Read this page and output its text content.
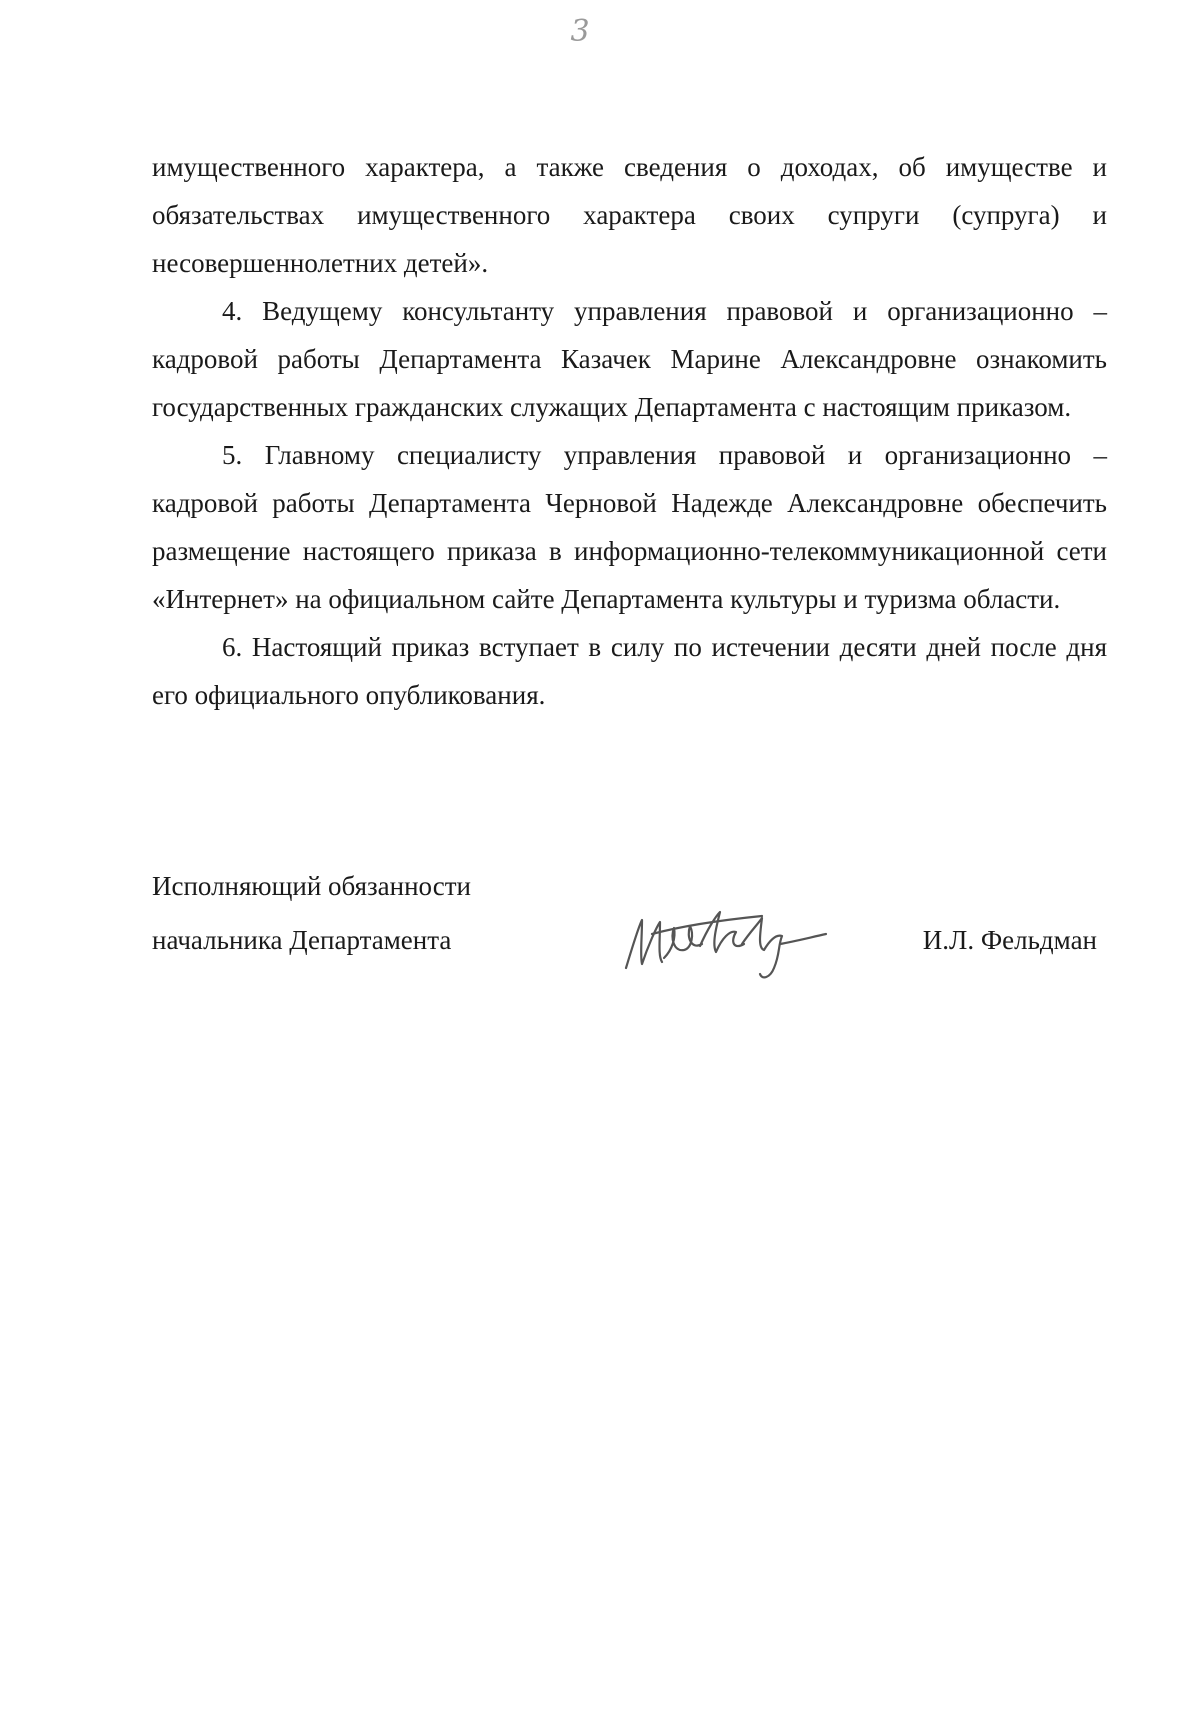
3

имущественного характера, а также сведения о доходах, об имуществе и обязательствах имущественного характера своих супруги (супруга) и несовершеннолетних детей».

4. Ведущему консультанту управления правовой и организационно – кадровой работы Департамента Казачек Марине Александровне ознакомить государственных гражданских служащих Департамента с настоящим приказом.

5. Главному специалисту управления правовой и организационно – кадровой работы Департамента Черновой Надежде Александровне обеспечить размещение настоящего приказа в информационно-телекоммуникационной сети «Интернет» на официальном сайте Департамента культуры и туризма области.

6. Настоящий приказ вступает в силу по истечении десяти дней после дня его официального опубликования.

Исполняющий обязанности
начальника Департамента	И.Л. Фельдман
